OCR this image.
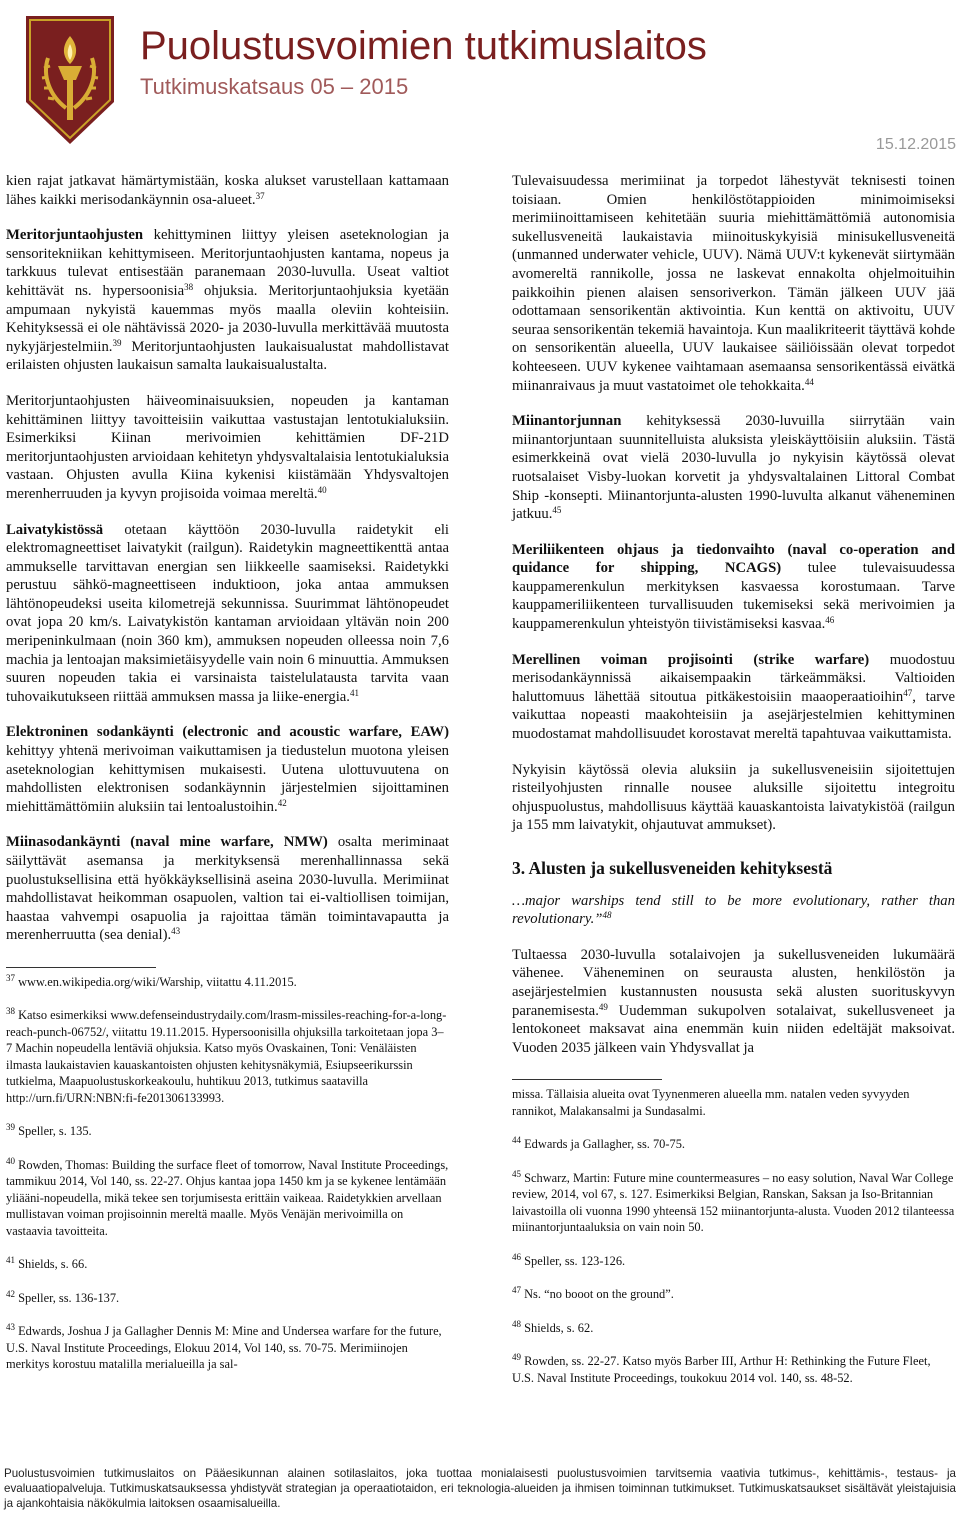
Puolustusvoimien tutkimuslaitos
Tutkimuskatsaus 05 – 2015
15.12.2015

kien rajat jatkavat hämärtymistään, koska alukset varustellaan kattamaan lähes kaikki merisodankäynnin osa-alueet.$^{37}$

Meritorjuntaohjusten kehittyminen liittyy yleisen aseteknologian ja sensoritekniikan kehittymiseen. Meritorjuntaohjusten kantama, nopeus ja tarkkuus tulevat entisestään paranemaan 2030-luvulla. Useat valtiot kehittävät ns. hypersoonisia$^{38}$ ohjuksia. Meritorjuntaohjuksia kyetään ampumaan nykyistä kauemmas myös maalla oleviin kohteisiin. Kehityksessä ei ole nähtävissä 2020- ja 2030-luvulla merkittävää muutosta nykyjärjestelmiin.$^{39}$ Meritorjuntaohjusten laukaisualustat mahdollistavat erilaisten ohjusten laukaisun samalta laukaisualustalta.

Meritorjuntaohjusten häiveominaisuuksien, nopeuden ja kantaman kehittäminen liittyy tavoitteisiin vaikuttaa vastustajan lentotukialuksiin. Esimerkiksi Kiinan merivoimien kehittämien DF-21D meritorjuntaohjusten arvioidaan kehitetyn yhdysvaltalaisia lentotukialuksia vastaan. Ohjusten avulla Kiina kykenisi kiistämään Yhdysvaltojen merenherruuden ja kyvyn projisoida voimaa mereltä.$^{40}$

Laivatykistössä otetaan käyttöön 2030-luvulla raidetykit eli elektromagneettiset laivatykit (railgun). Raidetykin magneettikenttä antaa ammukselle tarvittavan energian sen liikkeelle saamiseksi. Raidetykki perustuu sähkö-magneettiseen induktioon, joka antaa ammuksen lähtönopeudeksi useita kilometrejä sekunnissa. Suurimmat lähtönopeudet ovat jopa 20 km/s. Laivatykistön kantaman arvioidaan yltävän noin 200 meripeninkulmaan (noin 360 km), ammuksen nopeuden olleessa noin 7,6 machia ja lentoajan maksimietäisyydelle vain noin 6 minuuttia. Ammuksen suuren nopeuden takia ei varsinaista taistelulatausta tarvita vaan tuhovaikutukseen riittää ammuksen massa ja liike-energia.$^{41}$

Elektroninen sodankäynti (electronic and acoustic warfare, EAW) kehittyy yhtenä merivoiman vaikuttamisen ja tiedustelun muotona yleisen aseteknologian kehittymisen mukaisesti. Uutena ulottuvuutena on mahdollisten elektronisen sodankäynnin järjestelmien sijoittaminen miehittämättömiin aluksiin tai lentoalustoihin.$^{42}$

Miinasodankäynti (naval mine warfare, NMW) osalta meriminaat säilyttävät asemansa ja merkityksensä merenhallinnassa sekä puolustuksellisina että hyökkäyksellisinä aseina 2030-luvulla. Merimiinat mahdollistavat heikomman osapuolen, valtion tai ei-valtiollisen toimijan, haastaa vahvempi osapuolia ja rajoittaa tämän toimintavapautta ja merenherruutta (sea denial).$^{43}$

$^{37}$ www.en.wikipedia.org/wiki/Warship, viitattu 4.11.2015.

$^{38}$ Katso esimerkiksi www.defenseindustrydaily.com/lrasm-missiles-reaching-for-a-long-reach-punch-06752/, viitattu 19.11.2015. Hypersoonisilla ohjuksilla tarkoitetaan jopa 3–7 Machin nopeudella lentäviä ohjuksia. Katso myös Ovaskainen, Toni: Venäläisten ilmasta laukaistavien kauaskantoisten ohjusten kehitysnäkymiä, Esiupseerikurssin tutkielma, Maapuolustuskorkeakoulu, huhtikuu 2013, tutkimus saatavilla http://urn.fi/URN:NBN:fi-fe201306133993.

$^{39}$ Speller, s. 135.

$^{40}$ Rowden, Thomas: Building the surface fleet of tomorrow, Naval Institute Proceedings, tammikuu 2014, Vol 140, ss. 22-27. Ohjus kantaa jopa 1450 km ja se kykenee lentämään yliääni-nopeudella, mikä tekee sen torjumisesta erittäin vaikeaa. Raidetykkien arvellaan mullistavan voiman projisoinnin mereltä maalle. Myös Venäjän merivoimilla on vastaavia tavoitteita.

$^{41}$ Shields, s. 66.

$^{42}$ Speller, ss. 136-137.

$^{43}$ Edwards, Joshua J ja Gallagher Dennis M: Mine and Undersea warfare for the future, U.S. Naval Institute Proceedings, Elokuu 2014, Vol 140, ss. 70-75. Merimiinojen merkitys korostuu matalilla merialueilla ja sal-

Tulevaisuudessa merimiinat ja torpedot lähestyvät teknisesti toinen toisiaan. Omien henkilöstötappioiden minimoimiseksi merimiinoittamiseen kehitetään suuria miehittämättömiä autonomisia sukellusveneitä laukaistavia miinoituskykyisiä minisukellusveneitä (unmanned underwater vehicle, UUV). Nämä UUV:t kykenevät siirtymään avomereltä rannikolle, jossa ne laskevat ennakolta ohjelmoituihin paikkoihin pienen alaisen sensoriverkon. Tämän jälkeen UUV jää odottamaan sensorikentän aktivointia. Kun kenttä on aktivoitu, UUV seuraa sensorikentän tekemiä havaintoja. Kun maalikriteerit täyttävä kohde on sensorikentän alueella, UUV laukaisee säiliöissään olevat torpedot kohteeseen. UUV kykenee vaihtamaan asemaansa sensorikentässä eivätkä miinanraivaus ja muut vastatoimet ole tehokkaita.$^{44}$

Miinantorjunnan kehityksessä 2030-luvuilla siirrytään vain miinantorjuntaan suunnitelluista aluksista yleiskäyttöisiin aluksiin. Tästä esimerkkeinä ovat vielä 2030-luvulla jo nykyisin käytössä olevat ruotsalaiset Visby-luokan korvetit ja yhdysvaltalainen Littoral Combat Ship -konsepti. Miinantorjunta-alusten 1990-luvulta alkanut väheneminen jatkuu.$^{45}$

Meriliikenteen ohjaus ja tiedonvaihto (naval co-operation and quidance for shipping, NCAGS) tulee tulevaisuudessa kauppamerenkulun merkityksen kasvaessa korostumaan. Tarve kauppameriliikenteen turvallisuuden tukemiseksi sekä merivoimien ja kauppamerenkulun yhteistyön tiivistämiseksi kasvaa.$^{46}$

Merellinen voiman projisointi (strike warfare) muodostuu merisodankäynnissä aikaisempaakin tärkeämmäksi. Valtioiden haluttomuus lähettää sitoutua pitkäkestoisiin maaoperaatioihin$^{47}$, tarve vaikuttaa nopeasti maakohteisiin ja asejärjestelmien kehittyminen muodostamat mahdollisuudet korostavat mereltä tapahtuvaa vaikuttamista.

Nykyisin käytössä olevia aluksiin ja sukellusveneisiin sijoitettujen risteilyohjusten rinnalle nousee aluksille sijoitettu integroitu ohjuspuolustus, mahdollisuus käyttää kauaskantoista laivatykistöä (railgun ja 155 mm laivatykit, ohjautuvat ammukset).

3. Alusten ja sukellusveneiden kehityksestä

…major warships tend still to be more evolutionary, rather than revolutionary.”$^{48}$

Tultaessa 2030-luvulla sotalaivojen ja sukellusveneiden lukumäärä vähenee. Väheneminen on seurausta alusten, henkilöstön ja asejärjestelmien kustannusten noususta sekä alusten suorituskyvyn paranemisesta.$^{49}$ Uudemman sukupolven sotalaivat, sukellusveneet ja lentokoneet maksavat aina enemmän kuin niiden edeltäjät maksoivat. Vuoden 2035 jälkeen vain Yhdysvallat ja

missa. Tällaisia alueita ovat Tyynenmeren alueella mm. natalen veden syvyyden rannikot, Malakansalmi ja Sundasalmi.

$^{44}$ Edwards ja Gallagher, ss. 70-75.

$^{45}$ Schwarz, Martin: Future mine countermeasures – no easy solution, Naval War College review, 2014, vol 67, s. 127. Esimerkiksi Belgian, Ranskan, Saksan ja Iso-Britannian laivastoilla oli vuonna 1990 yhteensä 152 miinantorjunta-alusta. Vuoden 2012 tilanteessa miinantorjuntaaluksia on vain noin 50.

$^{46}$ Speller, ss. 123-126.

$^{47}$ Ns. “no booot on the ground”.

$^{48}$ Shields, s. 62.

$^{49}$ Rowden, ss. 22-27. Katso myös Barber III, Arthur H: Rethinking the Future Fleet, U.S. Naval Institute Proceedings, toukokuu 2014 vol. 140, ss. 48-52.

Puolustusvoimien tutkimuslaitos on Pääesikunnan alainen sotilaslaitos, joka tuottaa monialaisesti puolustusvoimien tarvitsemia vaativia tutkimus-, kehittämis-, testaus- ja evaluaatiopalveluja. Tutkimuskatsauksessa yhdistyvät strategian ja operaatiotaidon, eri teknologia-alueiden ja ihmisen toiminnan tutkimukset. Tutkimuskatsaukset sisältävät yleistajuisia ja ajankohtaisia näkökulmia laitoksen osaamisalueilla.
